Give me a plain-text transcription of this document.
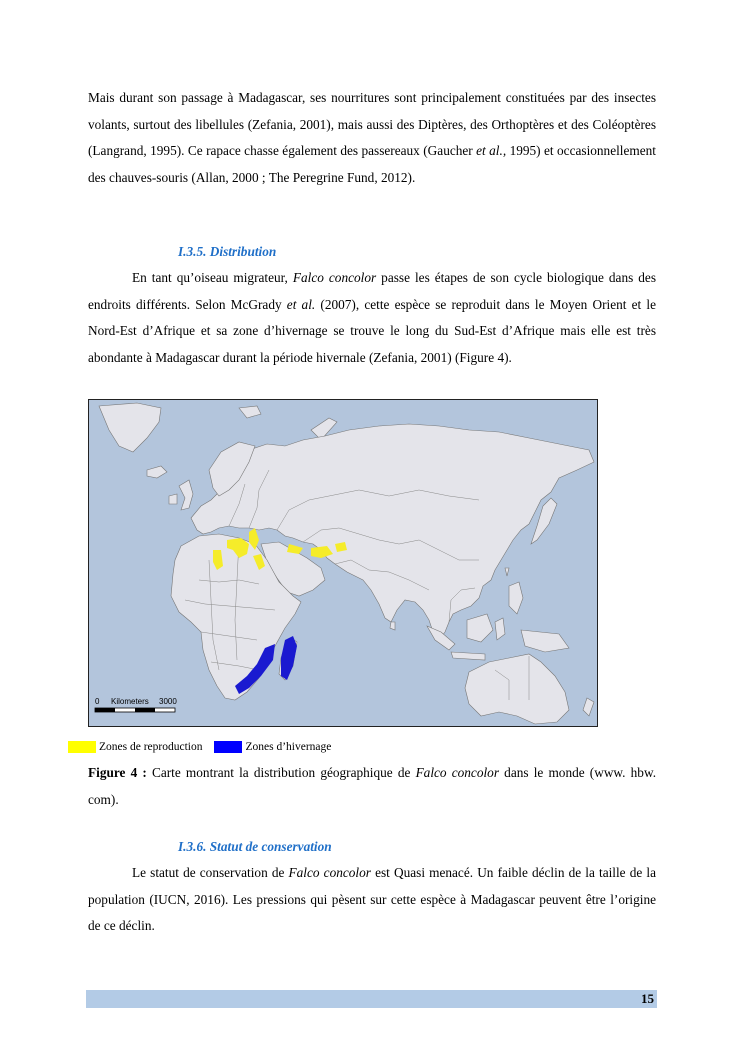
Mais durant son passage à Madagascar, ses nourritures sont principalement constituées par des insectes volants, surtout des libellules (Zefania, 2001), mais aussi des Diptères, des Orthoptères et des Coléoptères (Langrand, 1995). Ce rapace chasse également des passereaux (Gaucher et al., 1995) et occasionnellement des chauves-souris (Allan, 2000 ; The Peregrine Fund, 2012).

I.3.5. Distribution

En tant qu’oiseau migrateur, Falco concolor passe les étapes de son cycle biologique dans des endroits différents. Selon McGrady et al. (2007), cette espèce se reproduit dans le Moyen Orient et le Nord-Est d’Afrique et sa zone d’hivernage se trouve le long du Sud-Est d’Afrique mais elle est très abondante à Madagascar durant la période hivernale (Zefania, 2001) (Figure 4).

0 Kilometers 3000
Zones de reproduction	Zones d’hivernage

Figure 4 : Carte montrant la distribution géographique de Falco concolor dans le monde (www. hbw. com).

I.3.6. Statut de conservation

Le statut de conservation de Falco concolor est Quasi menacé. Un faible déclin de la taille de la population (IUCN, 2016). Les pressions qui pèsent sur cette espèce à Madagascar peuvent être l’origine de ce déclin.

15
